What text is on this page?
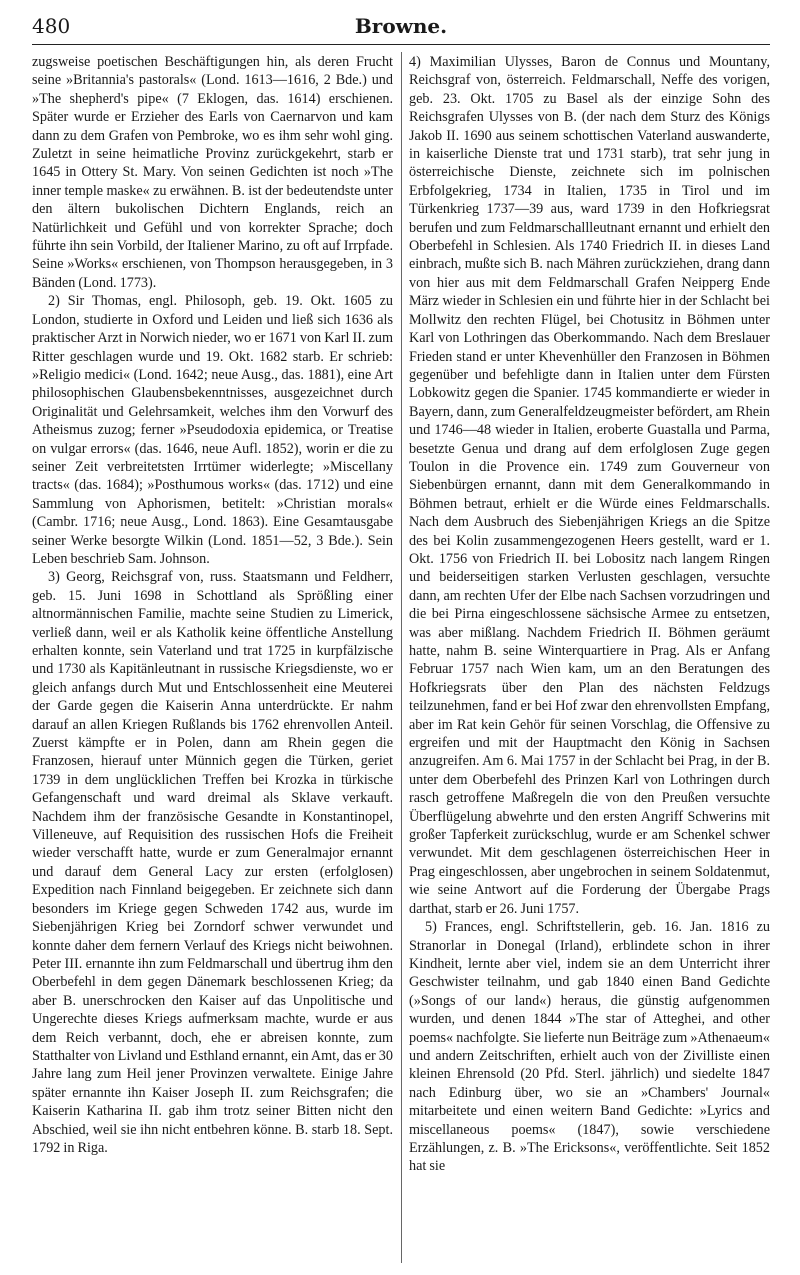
480	Browne.

zugsweise poetischen Beschäftigungen hin, als deren Frucht seine »Britannia's pastorals« (Lond. 1613—1616, 2 Bde.) und »The shepherd's pipe« (7 Eklogen, das. 1614) erschienen. Später wurde er Erzieher des Earls von Caernarvon und kam dann zu dem Grafen von Pembroke, wo es ihm sehr wohl ging. Zuletzt in seine heimatliche Provinz zurückgekehrt, starb er 1645 in Ottery St. Mary. Von seinen Gedichten ist noch »The inner temple maske« zu erwähnen. B. ist der bedeutendste unter den ältern bukolischen Dichtern Englands, reich an Natürlichkeit und Gefühl und von korrekter Sprache; doch führte ihn sein Vorbild, der Italiener Marino, zu oft auf Irrpfade. Seine »Works« erschienen, von Thompson herausgegeben, in 3 Bänden (Lond. 1773).

2) Sir Thomas, engl. Philosoph, geb. 19. Okt. 1605 zu London, studierte in Oxford und Leiden und ließ sich 1636 als praktischer Arzt in Norwich nieder, wo er 1671 von Karl II. zum Ritter geschlagen wurde und 19. Okt. 1682 starb. Er schrieb: »Religio medici« (Lond. 1642; neue Ausg., das. 1881), eine Art philosophischen Glaubensbekenntnisses, ausgezeichnet durch Originalität und Gelehrsamkeit, welches ihm den Vorwurf des Atheismus zuzog; ferner »Pseudodoxia epidemica, or Treatise on vulgar errors« (das. 1646, neue Aufl. 1852), worin er die zu seiner Zeit verbreitetsten Irrtümer widerlegte; »Miscellany tracts« (das. 1684); »Posthumous works« (das. 1712) und eine Sammlung von Aphorismen, betitelt: »Christian morals« (Cambr. 1716; neue Ausg., Lond. 1863). Eine Gesamtausgabe seiner Werke besorgte Wilkin (Lond. 1851—52, 3 Bde.). Sein Leben beschrieb Sam. Johnson.

3) Georg, Reichsgraf von, russ. Staatsmann und Feldherr, geb. 15. Juni 1698 in Schottland als Sprößling einer altnormännischen Familie, machte seine Studien zu Limerick, verließ dann, weil er als Katholik keine öffentliche Anstellung erhalten konnte, sein Vaterland und trat 1725 in kurpfälzische und 1730 als Kapitänleutnant in russische Kriegsdienste, wo er gleich anfangs durch Mut und Entschlossenheit eine Meuterei der Garde gegen die Kaiserin Anna unterdrückte. Er nahm darauf an allen Kriegen Rußlands bis 1762 ehrenvollen Anteil. Zuerst kämpfte er in Polen, dann am Rhein gegen die Franzosen, hierauf unter Münnich gegen die Türken, geriet 1739 in dem unglücklichen Treffen bei Krozka in türkische Gefangenschaft und ward dreimal als Sklave verkauft. Nachdem ihm der französische Gesandte in Konstantinopel, Villeneuve, auf Requisition des russischen Hofs die Freiheit wieder verschafft hatte, wurde er zum Generalmajor ernannt und darauf dem General Lacy zur ersten (erfolglosen) Expedition nach Finnland beigegeben. Er zeichnete sich dann besonders im Kriege gegen Schweden 1742 aus, wurde im Siebenjährigen Krieg bei Zorndorf schwer verwundet und konnte daher dem fernern Verlauf des Kriegs nicht beiwohnen. Peter III. ernannte ihn zum Feldmarschall und übertrug ihm den Oberbefehl in dem gegen Dänemark beschlossenen Krieg; da aber B. unerschrocken den Kaiser auf das Unpolitische und Ungerechte dieses Kriegs aufmerksam machte, wurde er aus dem Reich verbannt, doch, ehe er abreisen konnte, zum Statthalter von Livland und Esthland ernannt, ein Amt, das er 30 Jahre lang zum Heil jener Provinzen verwaltete. Einige Jahre später ernannte ihn Kaiser Joseph II. zum Reichsgrafen; die Kaiserin Katharina II. gab ihm trotz seiner Bitten nicht den Abschied, weil sie ihn nicht entbehren könne. B. starb 18. Sept. 1792 in Riga.

4) Maximilian Ulysses, Baron de Connus und Mountany, Reichsgraf von, österreich. Feldmarschall, Neffe des vorigen, geb. 23. Okt. 1705 zu Basel als der einzige Sohn des Reichsgrafen Ulysses von B. (der nach dem Sturz des Königs Jakob II. 1690 aus seinem schottischen Vaterland auswanderte, in kaiserliche Dienste trat und 1731 starb), trat sehr jung in österreichische Dienste, zeichnete sich im polnischen Erbfolgekrieg, 1734 in Italien, 1735 in Tirol und im Türkenkrieg 1737—39 aus, ward 1739 in den Hofkriegsrat berufen und zum Feldmarschallleutnant ernannt und erhielt den Oberbefehl in Schlesien. Als 1740 Friedrich II. in dieses Land einbrach, mußte sich B. nach Mähren zurückziehen, drang dann von hier aus mit dem Feldmarschall Grafen Neipperg Ende März wieder in Schlesien ein und führte hier in der Schlacht bei Mollwitz den rechten Flügel, bei Chotusitz in Böhmen unter Karl von Lothringen das Oberkommando. Nach dem Breslauer Frieden stand er unter Khevenhüller den Franzosen in Böhmen gegenüber und befehligte dann in Italien unter dem Fürsten Lobkowitz gegen die Spanier. 1745 kommandierte er wieder in Bayern, dann, zum Generalfeldzeugmeister befördert, am Rhein und 1746—48 wieder in Italien, eroberte Guastalla und Parma, besetzte Genua und drang auf dem erfolglosen Zuge gegen Toulon in die Provence ein. 1749 zum Gouverneur von Siebenbürgen ernannt, dann mit dem Generalkommando in Böhmen betraut, erhielt er die Würde eines Feldmarschalls. Nach dem Ausbruch des Siebenjährigen Kriegs an die Spitze des bei Kolin zusammengezogenen Heers gestellt, ward er 1. Okt. 1756 von Friedrich II. bei Lobositz nach langem Ringen und beiderseitigen starken Verlusten geschlagen, versuchte dann, am rechten Ufer der Elbe nach Sachsen vorzudringen und die bei Pirna eingeschlossene sächsische Armee zu entsetzen, was aber mißlang. Nachdem Friedrich II. Böhmen geräumt hatte, nahm B. seine Winterquartiere in Prag. Als er Anfang Februar 1757 nach Wien kam, um an den Beratungen des Hofkriegsrats über den Plan des nächsten Feldzugs teilzunehmen, fand er bei Hof zwar den ehrenvollsten Empfang, aber im Rat kein Gehör für seinen Vorschlag, die Offensive zu ergreifen und mit der Hauptmacht den König in Sachsen anzugreifen. Am 6. Mai 1757 in der Schlacht bei Prag, in der B. unter dem Oberbefehl des Prinzen Karl von Lothringen durch rasch getroffene Maßregeln die von den Preußen versuchte Überflügelung abwehrte und den ersten Angriff Schwerins mit großer Tapferkeit zurückschlug, wurde er am Schenkel schwer verwundet. Mit dem geschlagenen österreichischen Heer in Prag eingeschlossen, aber ungebrochen in seinem Soldatenmut, wie seine Antwort auf die Forderung der Übergabe Prags darthat, starb er 26. Juni 1757.

5) Frances, engl. Schriftstellerin, geb. 16. Jan. 1816 zu Stranorlar in Donegal (Irland), erblindete schon in ihrer Kindheit, lernte aber viel, indem sie an dem Unterricht ihrer Geschwister teilnahm, und gab 1840 einen Band Gedichte (»Songs of our land«) heraus, die günstig aufgenommen wurden, und denen 1844 »The star of Atteghei, and other poems« nachfolgte. Sie lieferte nun Beiträge zum »Athenaeum« und andern Zeitschriften, erhielt auch von der Zivilliste einen kleinen Ehrensold (20 Pfd. Sterl. jährlich) und siedelte 1847 nach Edinburg über, wo sie an »Chambers' Journal« mitarbeitete und einen weitern Band Gedichte: »Lyrics and miscellaneous poems« (1847), sowie verschiedene Erzählungen, z. B. »The Ericksons«, veröffentlichte. Seit 1852 hat sie
